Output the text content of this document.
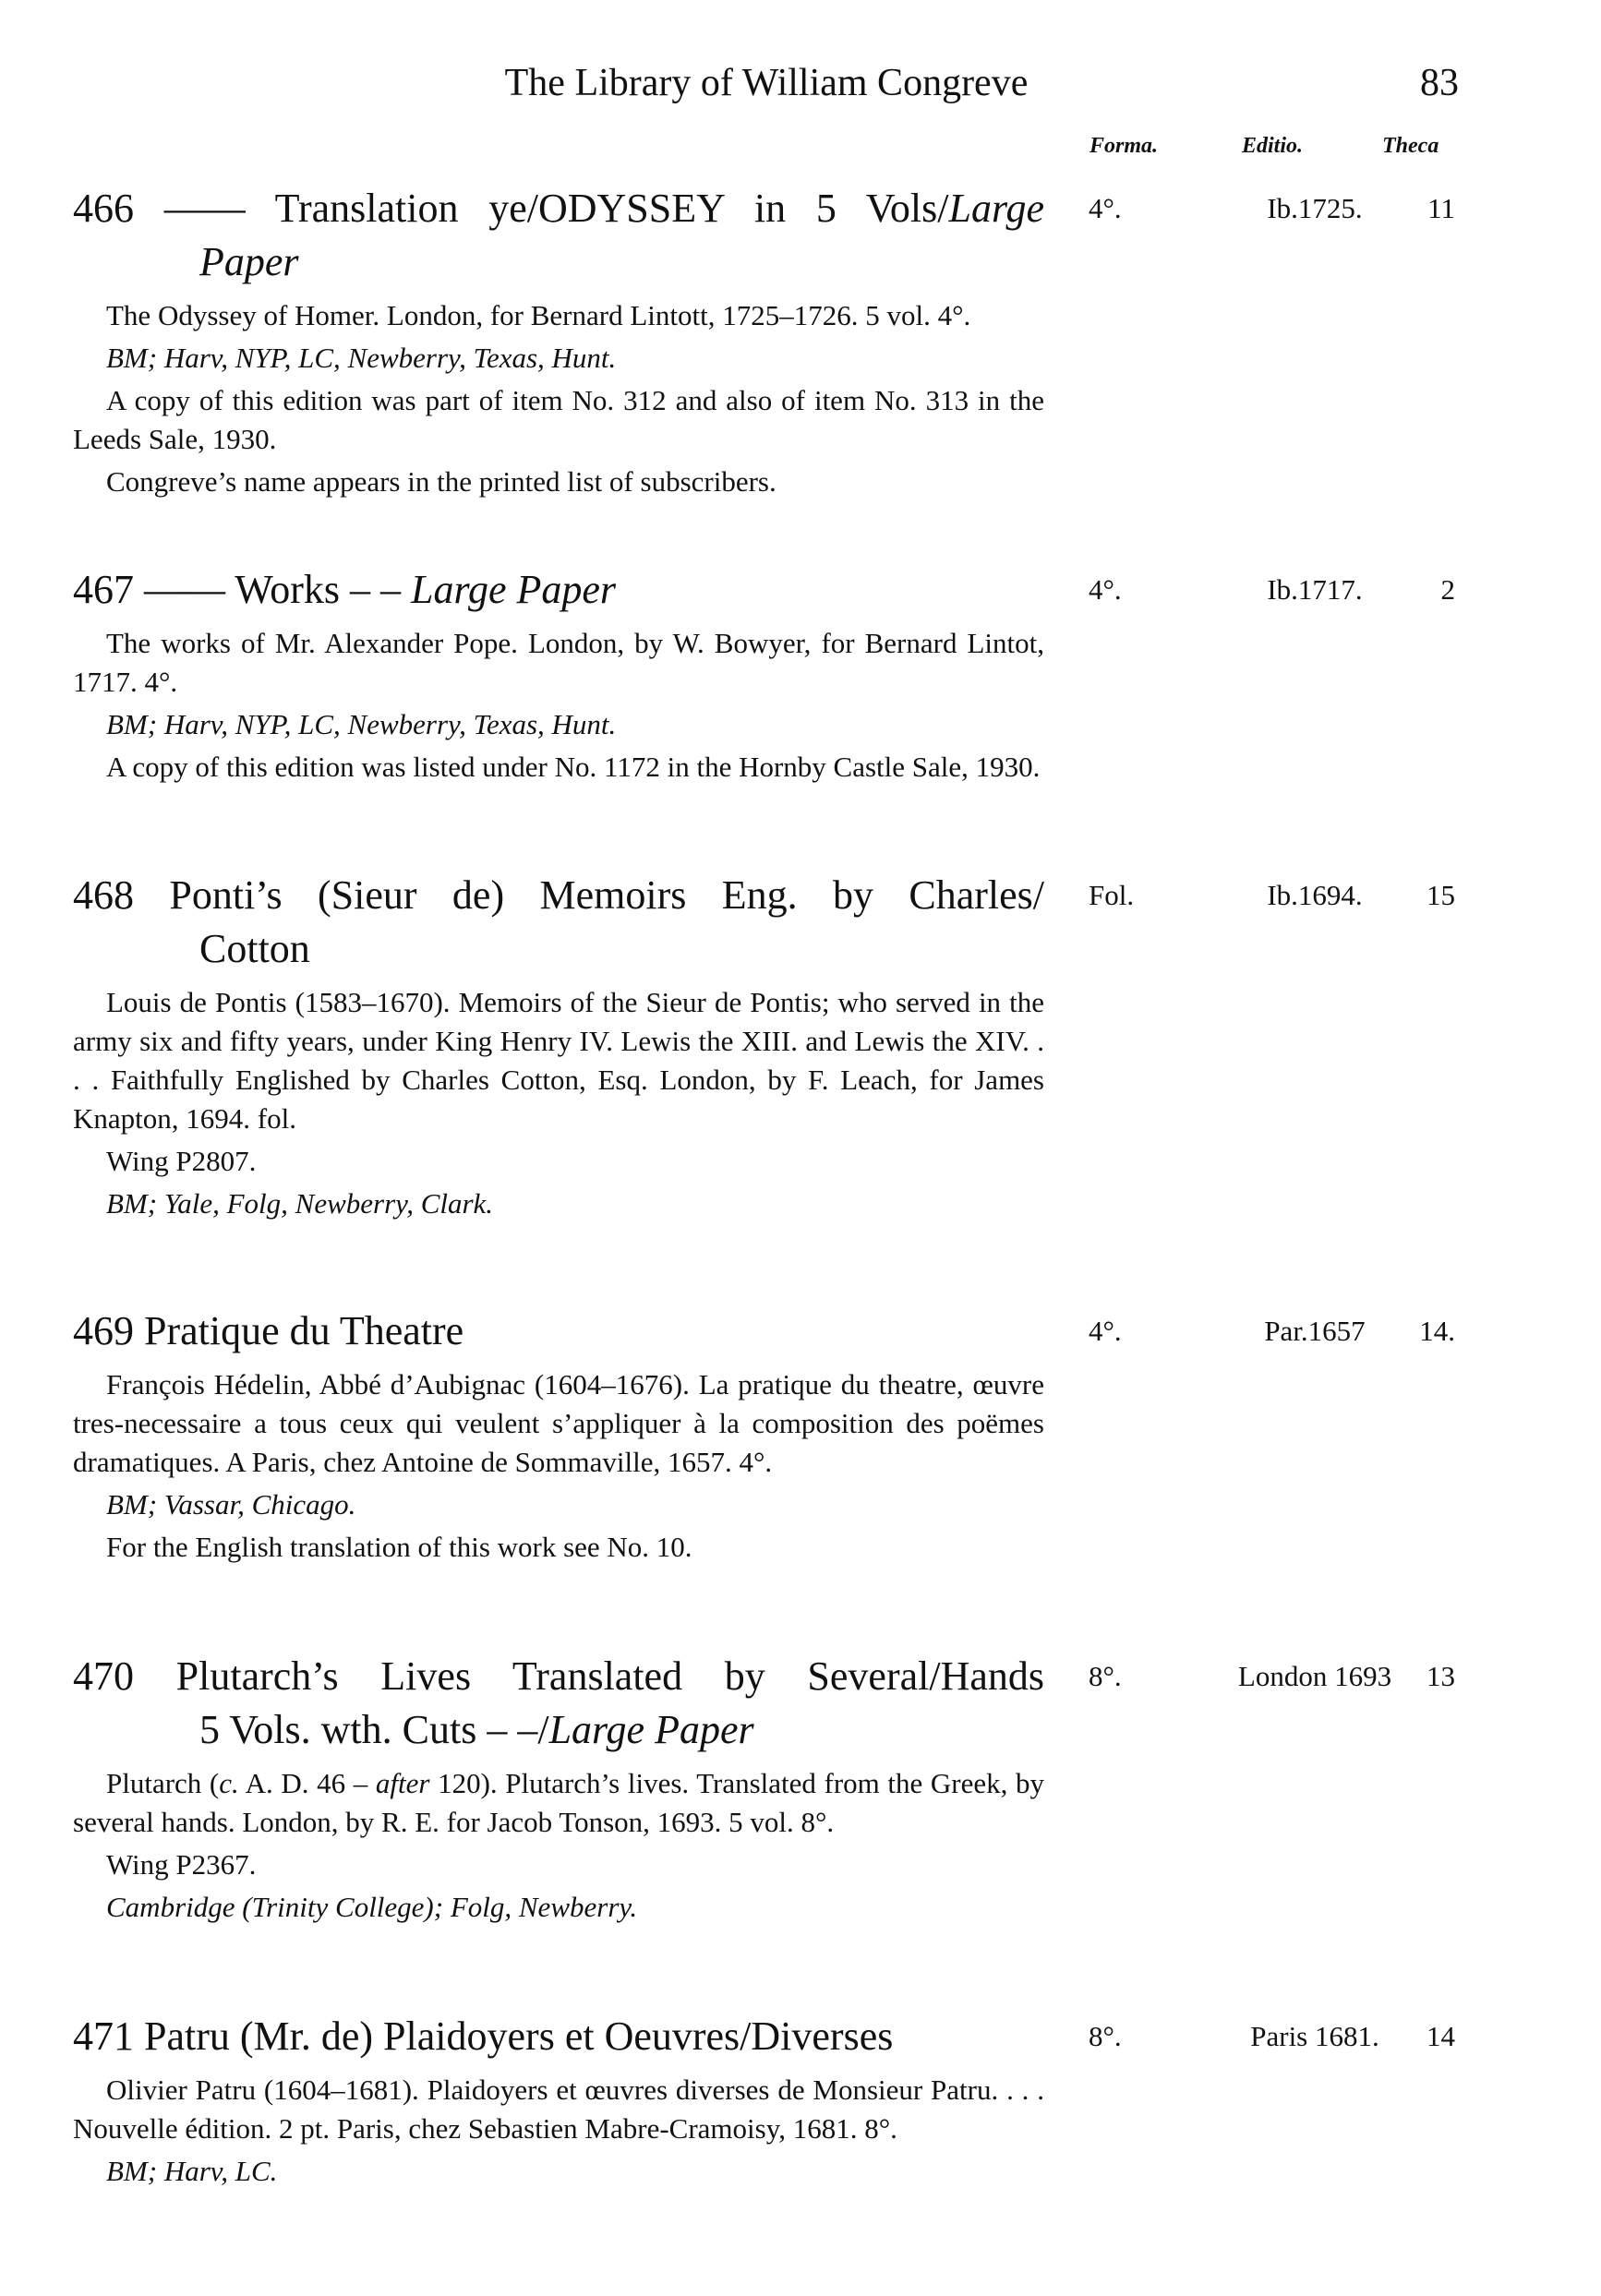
The Library of William Congreve	83
Forma.	Editio.	Theca
466 —— Translation ye/ODYSSEY in 5 Vols/Large
Paper
4°.	Ib.1725.	11

The Odyssey of Homer. London, for Bernard Lintott, 1725–1726. 5 vol. 4°.

BM; Harv, NYP, LC, Newberry, Texas, Hunt.

A copy of this edition was part of item No. 312 and also of item No. 313 in the Leeds Sale, 1930.

Congreve’s name appears in the printed list of subscribers.

467 —— Works – – Large Paper	4°.	Ib.1717.	2

The works of Mr. Alexander Pope. London, by W. Bowyer, for Bernard Lintot, 1717. 4°.

BM; Harv, NYP, LC, Newberry, Texas, Hunt.

A copy of this edition was listed under No. 1172 in the Hornby Castle Sale, 1930.

468 Ponti’s (Sieur de) Memoirs Eng. by Charles/
Cotton
Fol.	Ib.1694.	15

Louis de Pontis (1583–1670). Memoirs of the Sieur de Pontis; who served in the army six and fifty years, under King Henry IV. Lewis the XIII. and Lewis the XIV. . . . Faithfully Englished by Charles Cotton, Esq. London, by F. Leach, for James Knapton, 1694. fol.

Wing P2807.

BM; Yale, Folg, Newberry, Clark.

469 Pratique du Theatre	4°.	Par.1657	14.

François Hédelin, Abbé d’Aubignac (1604–1676). La pratique du theatre, œuvre tres-necessaire a tous ceux qui veulent s’appliquer à la composition des poëmes dramatiques. A Paris, chez Antoine de Sommaville, 1657. 4°.

BM; Vassar, Chicago.

For the English translation of this work see No. 10.

470 Plutarch’s Lives Translated by Several/Hands
5 Vols. wth. Cuts – –/Large Paper
8°.	London 1693	13

Plutarch (c. A. D. 46 – after 120). Plutarch’s lives. Translated from the Greek, by several hands. London, by R. E. for Jacob Tonson, 1693. 5 vol. 8°.

Wing P2367.

Cambridge (Trinity College); Folg, Newberry.

471 Patru (Mr. de) Plaidoyers et Oeuvres/Diverses	8°.	Paris 1681.	14

Olivier Patru (1604–1681). Plaidoyers et œuvres diverses de Monsieur Patru. . . . Nouvelle édition. 2 pt. Paris, chez Sebastien Mabre-Cramoisy, 1681. 8°.

BM; Harv, LC.
